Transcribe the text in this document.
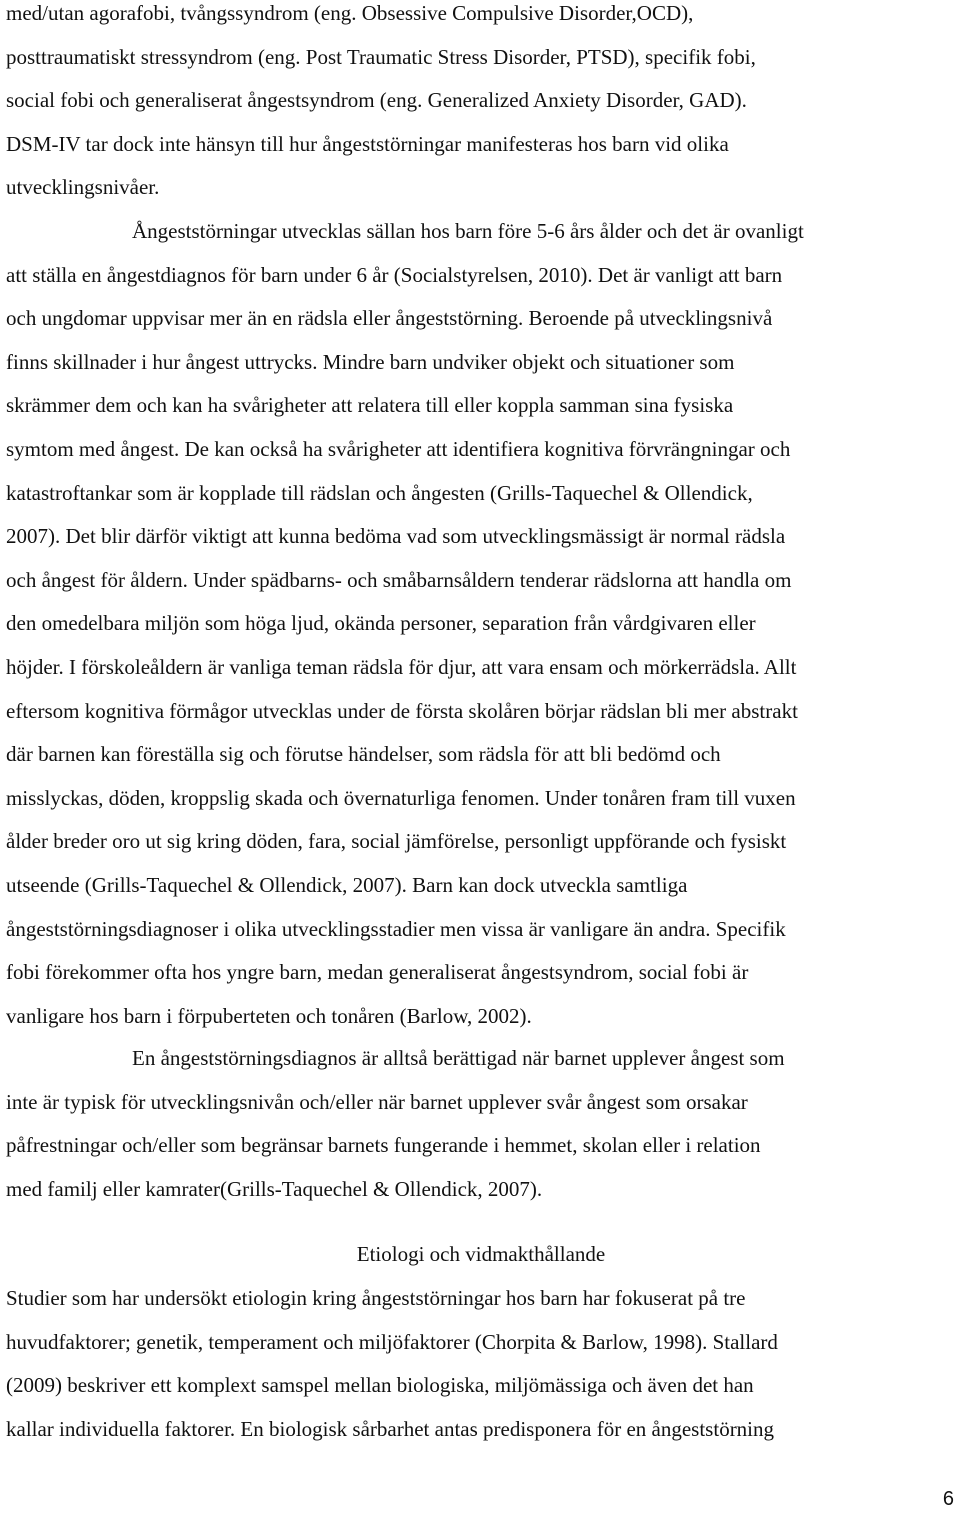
med/utan agorafobi, tvångssyndrom (eng. Obsessive Compulsive Disorder,OCD),
posttraumatiskt stressyndrom (eng. Post Traumatic Stress Disorder, PTSD), specifik fobi,
social fobi och generaliserat ångestsyndrom (eng. Generalized Anxiety Disorder, GAD).
DSM-IV tar dock inte hänsyn till hur ångeststörningar manifesteras hos barn vid olika
utvecklingsnivåer.
Ångeststörningar utvecklas sällan hos barn före 5-6 års ålder och det är ovanligt
att ställa en ångestdiagnos för barn under 6 år (Socialstyrelsen, 2010). Det är vanligt att barn
och ungdomar uppvisar mer än en rädsla eller ångeststörning. Beroende på utvecklingsnivå
finns skillnader i hur ångest uttrycks. Mindre barn undviker objekt och situationer som
skrämmer dem och kan ha svårigheter att relatera till eller koppla samman sina fysiska
symtom med ångest. De kan också ha svårigheter att identifiera kognitiva förvrängningar och
katastroftankar som är kopplade till rädslan och ångesten (Grills-Taquechel & Ollendick,
2007). Det blir därför viktigt att kunna bedöma vad som utvecklingsmässigt är normal rädsla
och ångest för åldern. Under spädbarns- och småbarnsåldern tenderar rädslorna att handla om
den omedelbara miljön som höga ljud, okända personer, separation från vårdgivaren eller
höjder. I förskoleåldern är vanliga teman rädsla för djur, att vara ensam och mörkerrädsla. Allt
eftersom kognitiva förmågor utvecklas under de första skolåren börjar rädslan bli mer abstrakt
där barnen kan föreställa sig och förutse händelser, som rädsla för att bli bedömd och
misslyckas, döden, kroppslig skada och övernaturliga fenomen. Under tonåren fram till vuxen
ålder breder oro ut sig kring döden, fara, social jämförelse, personligt uppförande och fysiskt
utseende (Grills-Taquechel & Ollendick, 2007). Barn kan dock utveckla samtliga
ångeststörningsdiagnoser i olika utvecklingsstadier men vissa är vanligare än andra. Specifik
fobi förekommer ofta hos yngre barn, medan generaliserat ångestsyndrom, social fobi är
vanligare hos barn i förpuberteten och tonåren (Barlow, 2002).
En ångeststörningsdiagnos är alltså berättigad när barnet upplever ångest som
inte är typisk för utvecklingsnivån och/eller när barnet upplever svår ångest som orsakar
påfrestningar och/eller som begränsar barnets fungerande i hemmet, skolan eller i relation
med familj eller kamrater(Grills-Taquechel & Ollendick, 2007).
Etiologi och vidmakthållande
Studier som har undersökt etiologin kring ångeststörningar hos barn har fokuserat på tre
huvudfaktorer; genetik, temperament och miljöfaktorer (Chorpita & Barlow, 1998). Stallard
(2009) beskriver ett komplext samspel mellan biologiska, miljömässiga och även det han
kallar individuella faktorer. En biologisk sårbarhet antas predisponera för en ångeststörning
6
